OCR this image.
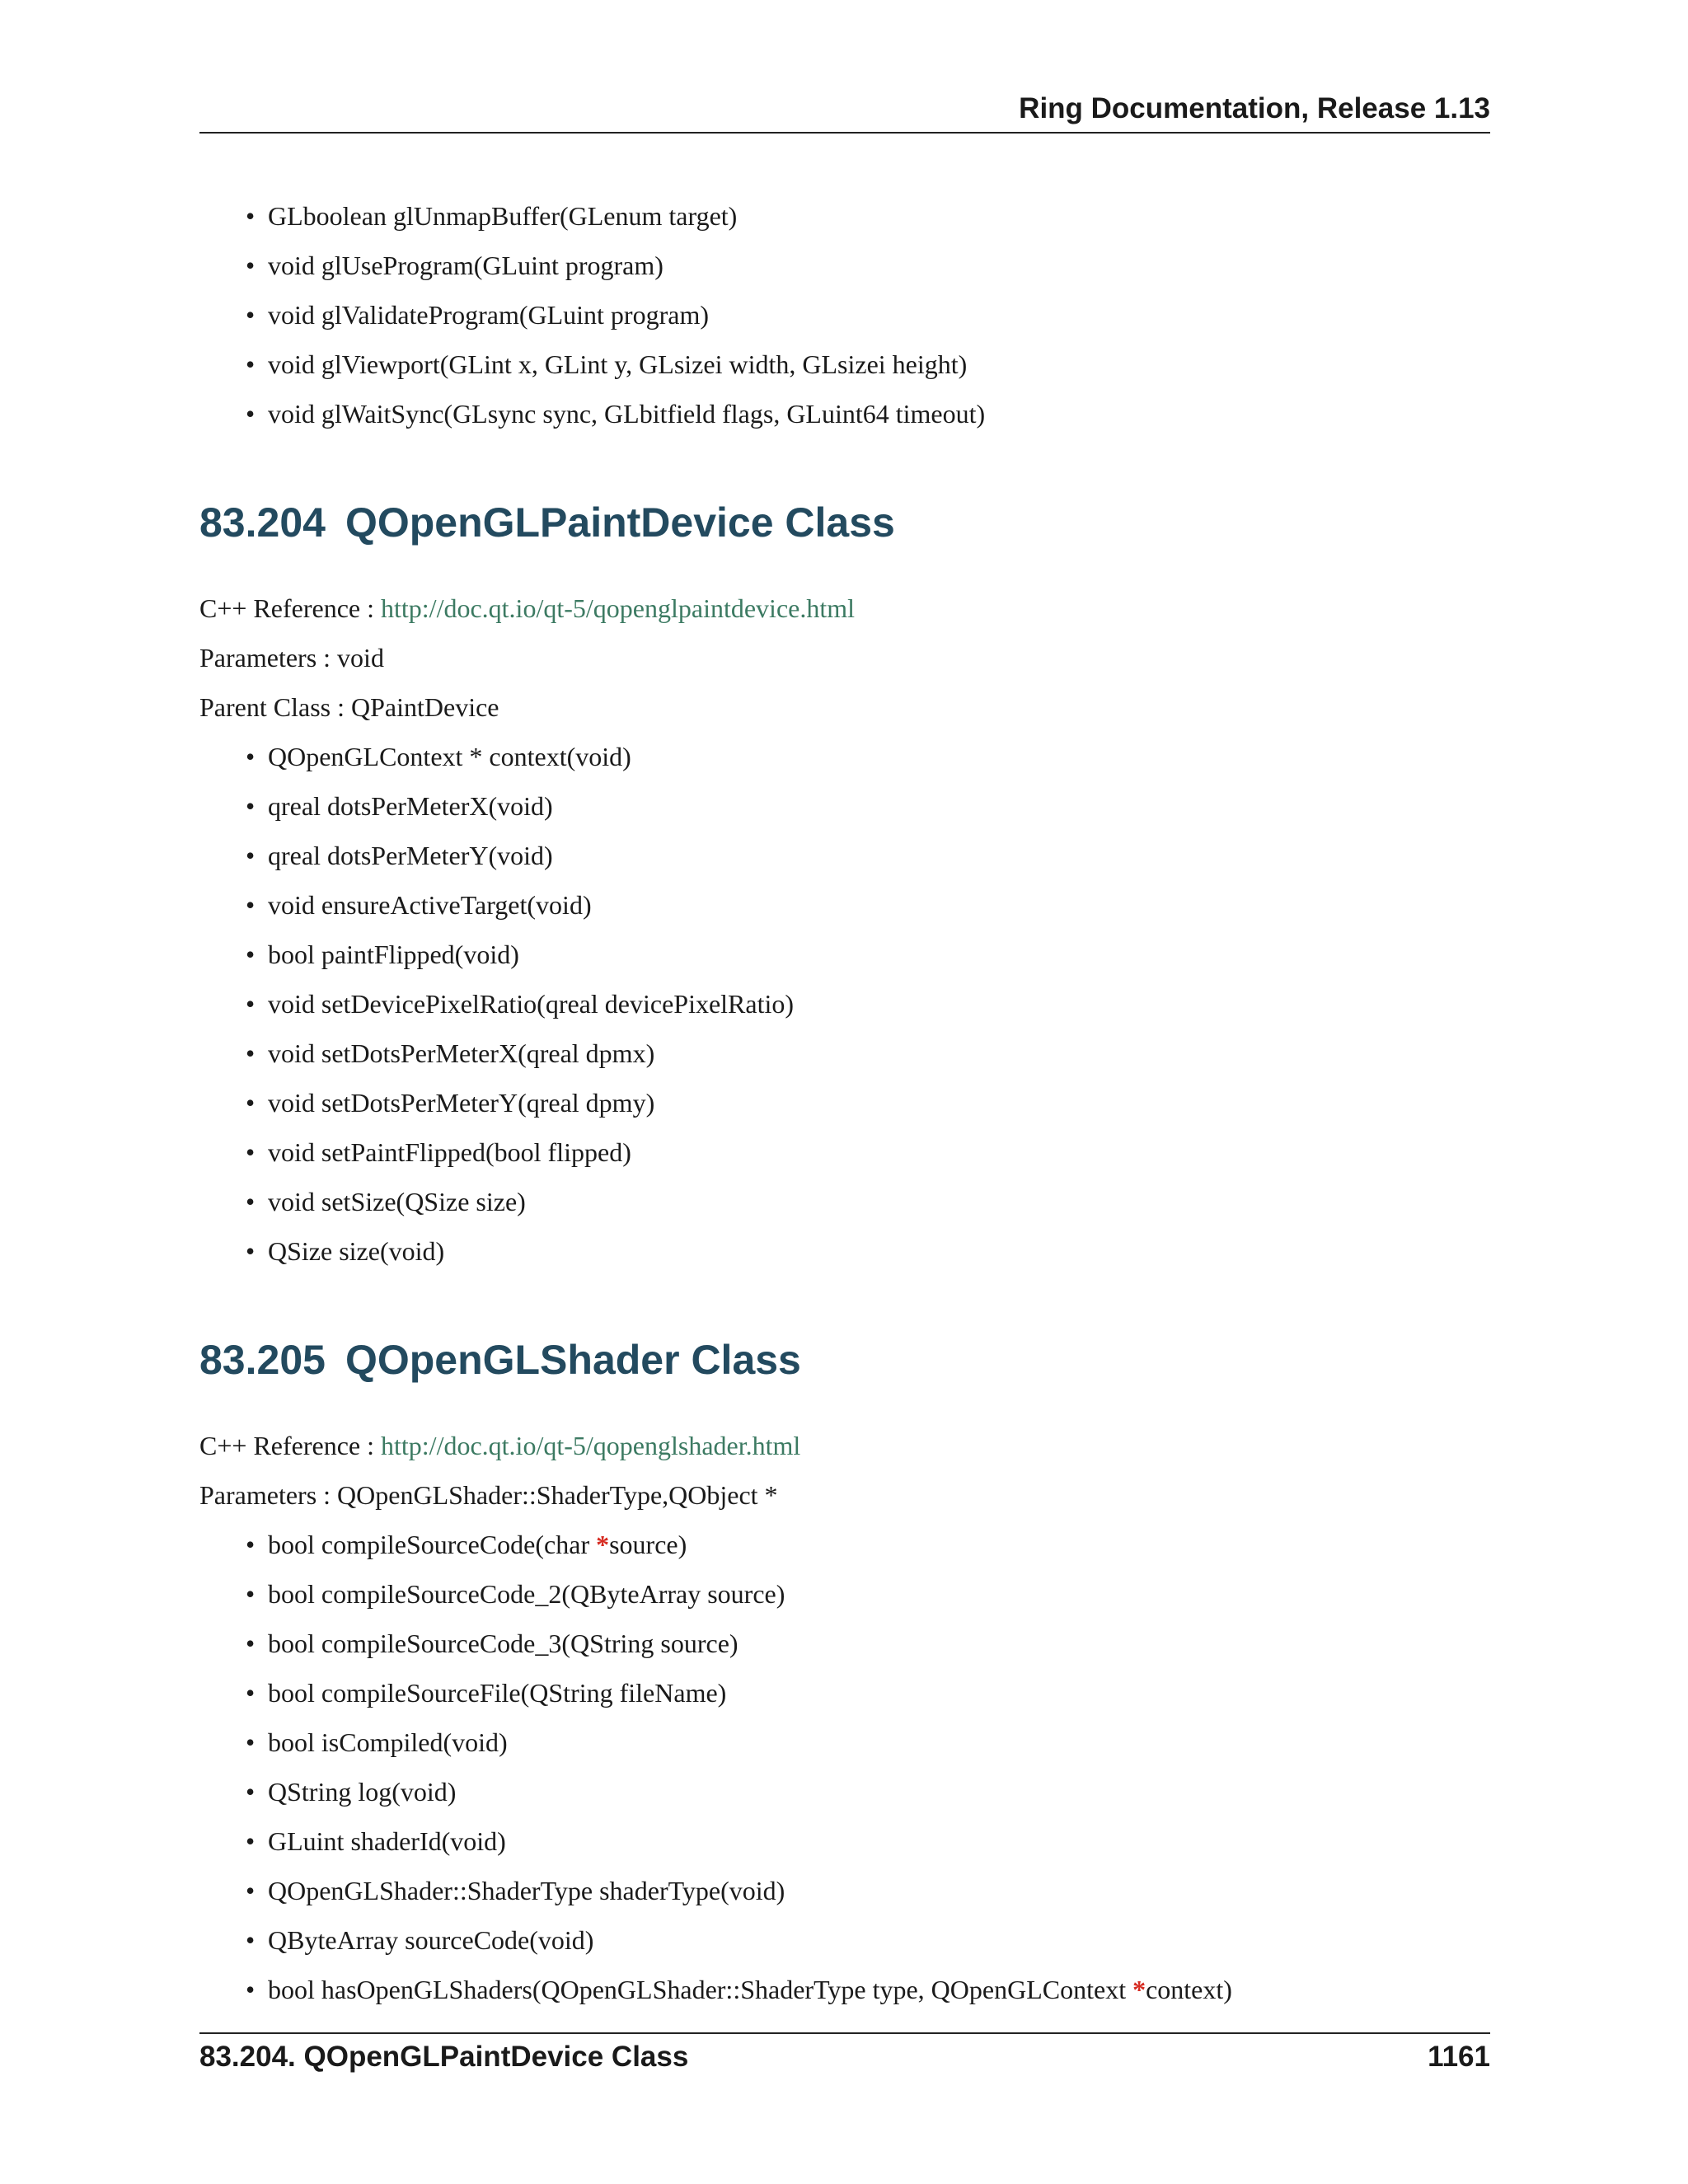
Ring Documentation, Release 1.13
• GLboolean glUnmapBuffer(GLenum target)
• void glUseProgram(GLuint program)
• void glValidateProgram(GLuint program)
• void glViewport(GLint x, GLint y, GLsizei width, GLsizei height)
• void glWaitSync(GLsync sync, GLbitfield flags, GLuint64 timeout)
83.204 QOpenGLPaintDevice Class

C++ Reference : http://doc.qt.io/qt-5/qopenglpaintdevice.html

Parameters : void

Parent Class : QPaintDevice

• QOpenGLContext * context(void)
• qreal dotsPerMeterX(void)
• qreal dotsPerMeterY(void)
• void ensureActiveTarget(void)
• bool paintFlipped(void)
• void setDevicePixelRatio(qreal devicePixelRatio)
• void setDotsPerMeterX(qreal dpmx)
• void setDotsPerMeterY(qreal dpmy)
• void setPaintFlipped(bool flipped)
• void setSize(QSize size)
• QSize size(void)
83.205 QOpenGLShader Class

C++ Reference : http://doc.qt.io/qt-5/qopenglshader.html

Parameters : QOpenGLShader::ShaderType,QObject *

• bool compileSourceCode(char *source)
• bool compileSourceCode_2(QByteArray source)
• bool compileSourceCode_3(QString source)
• bool compileSourceFile(QString fileName)
• bool isCompiled(void)
• QString log(void)
• GLuint shaderId(void)
• QOpenGLShader::ShaderType shaderType(void)
• QByteArray sourceCode(void)
• bool hasOpenGLShaders(QOpenGLShader::ShaderType type, QOpenGLContext *context)
83.204. QOpenGLPaintDevice Class	1161
